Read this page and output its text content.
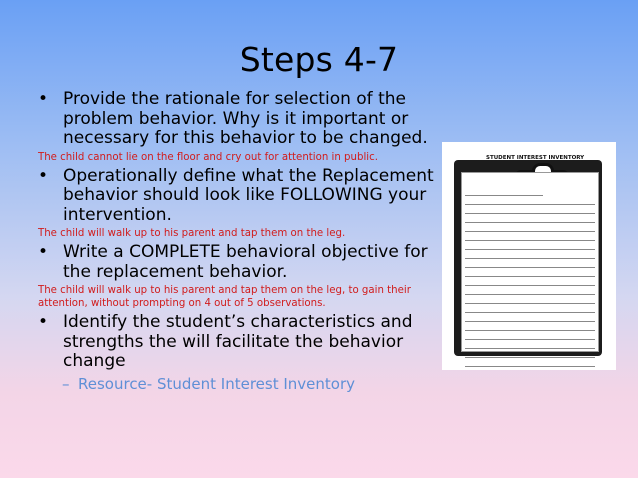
Steps 4-7
• Provide the rationale for selection of the problem behavior. Why is it important or necessary for this behavior to be changed.
The child cannot lie on the floor and cry out for attention in public.
• Operationally define what the Replacement behavior should look like FOLLOWING your intervention.
The child will walk up to his parent and tap them on the leg.
• Write a COMPLETE behavioral objective for the replacement behavior.
The child will walk up to his parent and tap them on the leg, to gain their attention, without prompting on 4 out of 5 observations.
• Identify the student’s characteristics and strengths the will facilitate the behavior change
– Resource- Student Interest Inventory
STUDENT INTEREST INVENTORY
